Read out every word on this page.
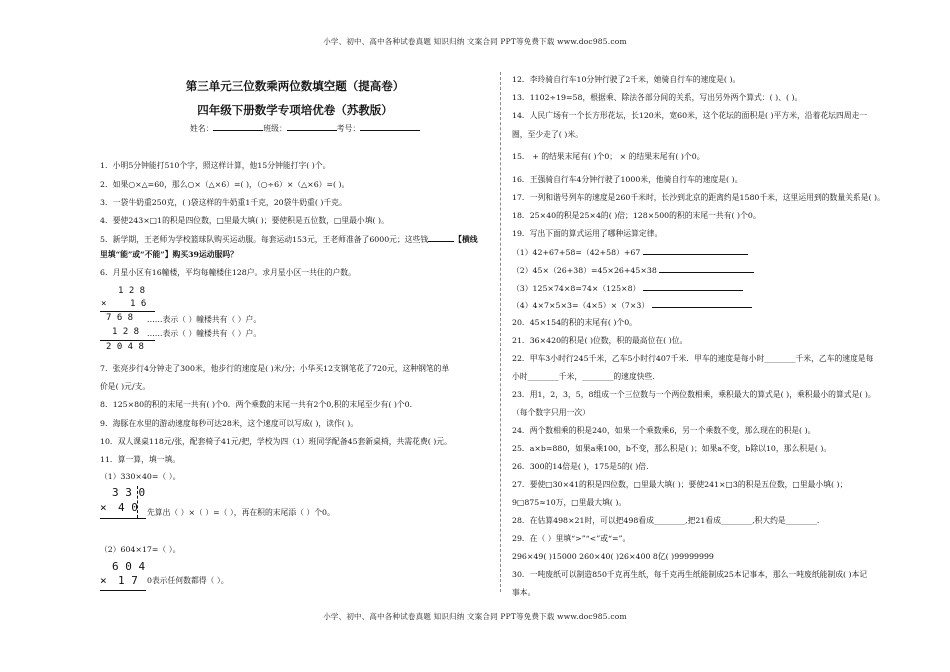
小学、初中、高中各种试卷真题 知识归纳 文案合同 PPT等免费下载 www.doc985.com
第三单元三位数乘两位数填空题（提高卷）
四年级下册数学专项培优卷（苏教版）
姓名：	班级：	考号：
1．小明5分钟能打510个字，照这样计算，他15分钟能打字( )个。
2．如果○×△=60，那么○×（△×6）=( )，（○÷6）×（△×6）=( )。
3．一袋牛奶重250克，( )袋这样的牛奶重1千克，20袋牛奶重( )千克。
4．要使243×□1的积是四位数，□里最大填( )；要使积是五位数，□里最小填( )。
5．新学期，王老师为学校篮球队购买运动服。每套运动153元，王老师准备了6000元；这些钱	【横线
里填“能”或“不能”】购买39运动服吗？
6．月星小区有16幢楼，平均每幢楼住128户。求月星小区一共住的户数。
1 2 8
×	1 6
7 6 8 ……表示（ ）幢楼共有（ ）户。
1 2 8 ……表示（ ）幢楼共有（ ）户。
2 0 4 8
7．张亮步行4分钟走了300米，他步行的速度是( )米/分；小华买12支钢笔花了720元，这种钢笔的单
价是( )元/支。
8．125×80的积的末尾一共有( )个0．两个乘数的末尾一共有2个0,积的末尾至少有( )个0．
9．海豚在水里的游动速度每秒可达28米，这个速度可以写成( )，读作( )。
10．双人课桌118元/张，配套椅子41元/把，学校为四（1）班同学配备45套新桌椅，共需花费( )元。
11．算一算，填一填。
（1）330×40=（ ）。
3 3 0
× 4 0 先算出（ ）×（ ）=（ ），再在积的末尾添（ ）个0。
（2）604×17=（ ）。
6 0 4
× 1 7 0表示任何数都得（ ）。
12．李玲骑自行车10分钟行驶了2千米，她骑自行车的速度是( )。
13．1102÷19=58，根据乘、除法各部分间的关系，写出另外两个算式：( )、( )。
14．人民广场有一个长方形花坛，长120米，宽60米，这个花坛的面积是( )平方米，沿着花坛四周走一
圈，至少走了( )米。
15． + 的结果末尾有( )个0； × 的结果末尾有( )个0。
16．王强骑自行车4分钟行驶了1000米，他骑自行车的速度是( )。
17．一列和谐号列车的速度是260千米时，长沙到北京的距离约是1580千米，这里运用到的数量关系是( )。
18．25×40的积是25×4的( )倍；128×500的积的末尾一共有( )个0。
19．写出下面的算式运用了哪种运算定律。
（1）42+67+58=（42+58）+67
（2）45×（26+38）=45×26+45×38
（3）125×74×8=74×（125×8）
（4）4×7×5×3=（4×5）×（7×3）
20．45×154的积的末尾有( )个0。
21．36×420的积是( )位数，积的最高位在( )位。
22．甲车3小时行245千米，乙车5小时行407千米．甲车的速度是每小时________千米，乙车的速度是每
小时________千米，________的速度快些.
23．用1，2，3，5，8组成一个三位数与一个两位数相乘，乘积最大的算式是( )，乘积最小的算式是( )。
（每个数字只用一次）
24．两个数相乘的积是240，如果一个乘数乘6，另一个乘数不变，那么现在的积是( )。
25．a×b=880，如果a乘100，b不变，那么积是( )；如果a不变，b除以10，那么积是( )。
26．300的14倍是( )，175是5的( )倍．
27．要使□30×41的积是四位数，□里最大填( )；要使241×□3的积是五位数，□里最小填( )；
9□875≈10万，□里最大填( )。
28．在估算498×21时，可以把498看成________,把21看成________,积大约是________.
29．在（ ）里填“>”“<”或“=”。
296×49( )15000 260×40( )26×400 8亿( )99999999
30．一吨废纸可以制造850千克再生纸，每千克再生纸能制成25本记事本，那么一吨废纸能制成( )本记
事本。
小学、初中、高中各种试卷真题 知识归纳 文案合同 PPT等免费下载 www.doc985.com
